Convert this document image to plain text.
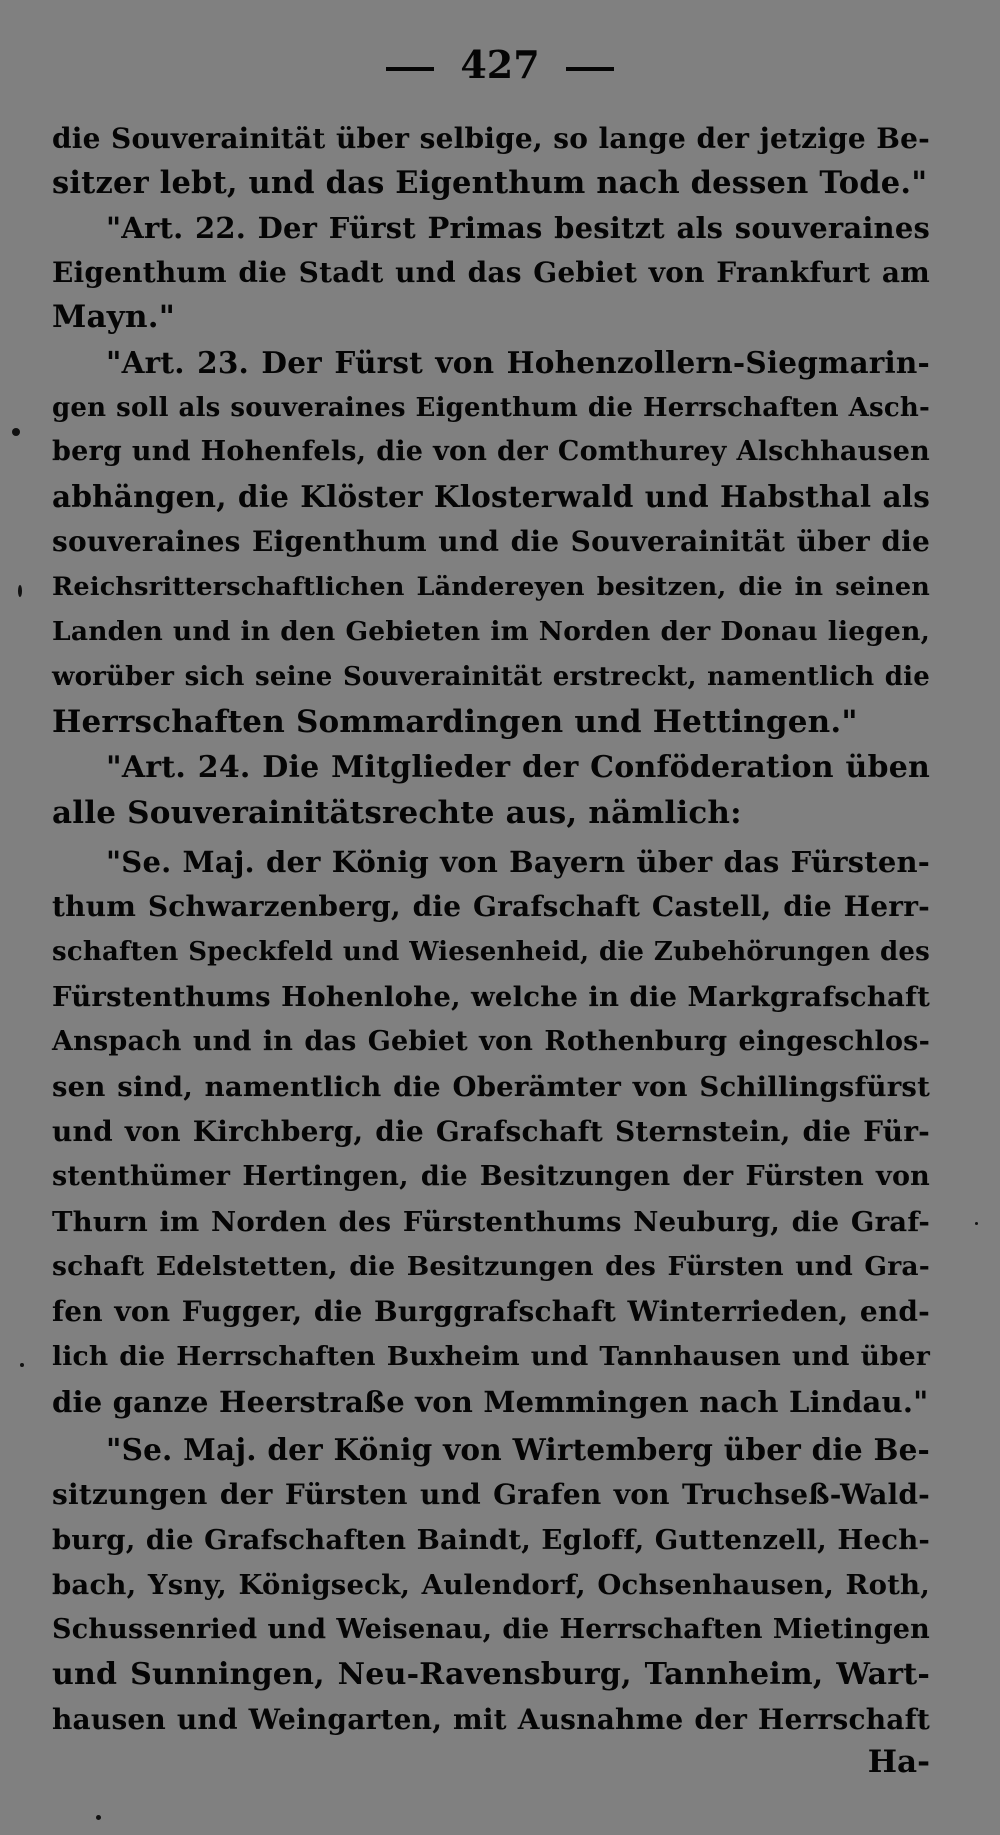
427
die Souverainität über selbige, so lange der jetzige Be-
sitzer lebt, und das Eigenthum nach dessen Tode."
"Art. 22. Der Fürst Primas besitzt als souveraines
Eigenthum die Stadt und das Gebiet von Frankfurt am
Mayn."
"Art. 23. Der Fürst von Hohenzollern-Siegmarin-
gen soll als souveraines Eigenthum die Herrschaften Asch-
berg und Hohenfels, die von der Comthurey Alschhausen
abhängen, die Klöster Klosterwald und Habsthal als
souveraines Eigenthum und die Souverainität über die
Reichsritterschaftlichen Ländereyen besitzen, die in seinen
Landen und in den Gebieten im Norden der Donau liegen,
worüber sich seine Souverainität erstreckt, namentlich die
Herrschaften Sommardingen und Hettingen."
"Art. 24. Die Mitglieder der Conföderation üben
alle Souverainitätsrechte aus, nämlich:
"Se. Maj. der König von Bayern über das Fürsten-
thum Schwarzenberg, die Grafschaft Castell, die Herr-
schaften Speckfeld und Wiesenheid, die Zubehörungen des
Fürstenthums Hohenlohe, welche in die Markgrafschaft
Anspach und in das Gebiet von Rothenburg eingeschlos-
sen sind, namentlich die Oberämter von Schillingsfürst
und von Kirchberg, die Grafschaft Sternstein, die Für-
stenthümer Hertingen, die Besitzungen der Fürsten von
Thurn im Norden des Fürstenthums Neuburg, die Graf-
schaft Edelstetten, die Besitzungen des Fürsten und Gra-
fen von Fugger, die Burggrafschaft Winterrieden, end-
lich die Herrschaften Buxheim und Tannhausen und über
die ganze Heerstraße von Memmingen nach Lindau."
"Se. Maj. der König von Wirtemberg über die Be-
sitzungen der Fürsten und Grafen von Truchseß-Wald-
burg, die Grafschaften Baindt, Egloff, Guttenzell, Hech-
bach, Ysny, Königseck, Aulendorf, Ochsenhausen, Roth,
Schussenried und Weisenau, die Herrschaften Mietingen
und Sunningen, Neu-Ravensburg, Tannheim, Wart-
hausen und Weingarten, mit Ausnahme der Herrschaft
Ha-
